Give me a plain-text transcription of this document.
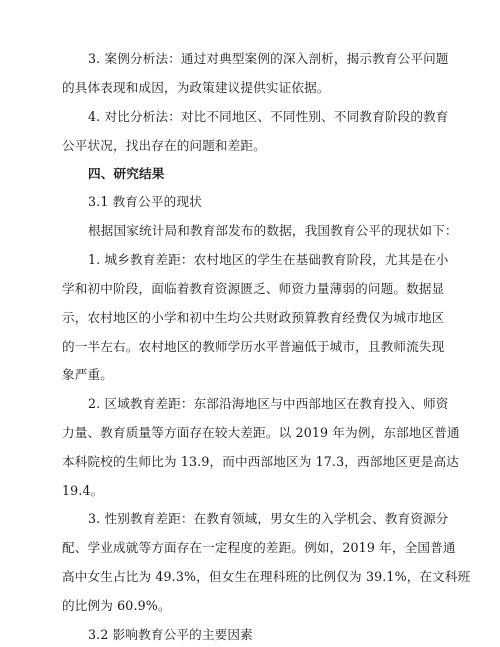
3. 案例分析法：通过对典型案例的深入剖析，揭示教育公平问题
的具体表现和成因，为政策建议提供实证依据。
4. 对比分析法：对比不同地区、不同性别、不同教育阶段的教育
公平状况，找出存在的问题和差距。
四、研究结果
3.1 教育公平的现状
根据国家统计局和教育部发布的数据，我国教育公平的现状如下：
1. 城乡教育差距：农村地区的学生在基础教育阶段，尤其是在小
学和初中阶段，面临着教育资源匮乏、师资力量薄弱的问题。数据显
示，农村地区的小学和初中生均公共财政预算教育经费仅为城市地区
的一半左右。农村地区的教师学历水平普遍低于城市，且教师流失现
象严重。
2. 区域教育差距：东部沿海地区与中西部地区在教育投入、师资
力量、教育质量等方面存在较大差距。以 2019 年为例，东部地区普通
本科院校的生师比为 13.9，而中西部地区为 17.3，西部地区更是高达
19.4。
3. 性别教育差距：在教育领域，男女生的入学机会、教育资源分
配、学业成就等方面存在一定程度的差距。例如，2019 年，全国普通
高中女生占比为 49.3%，但女生在理科班的比例仅为 39.1%，在文科班
的比例为 60.9%。
3.2 影响教育公平的主要因素
